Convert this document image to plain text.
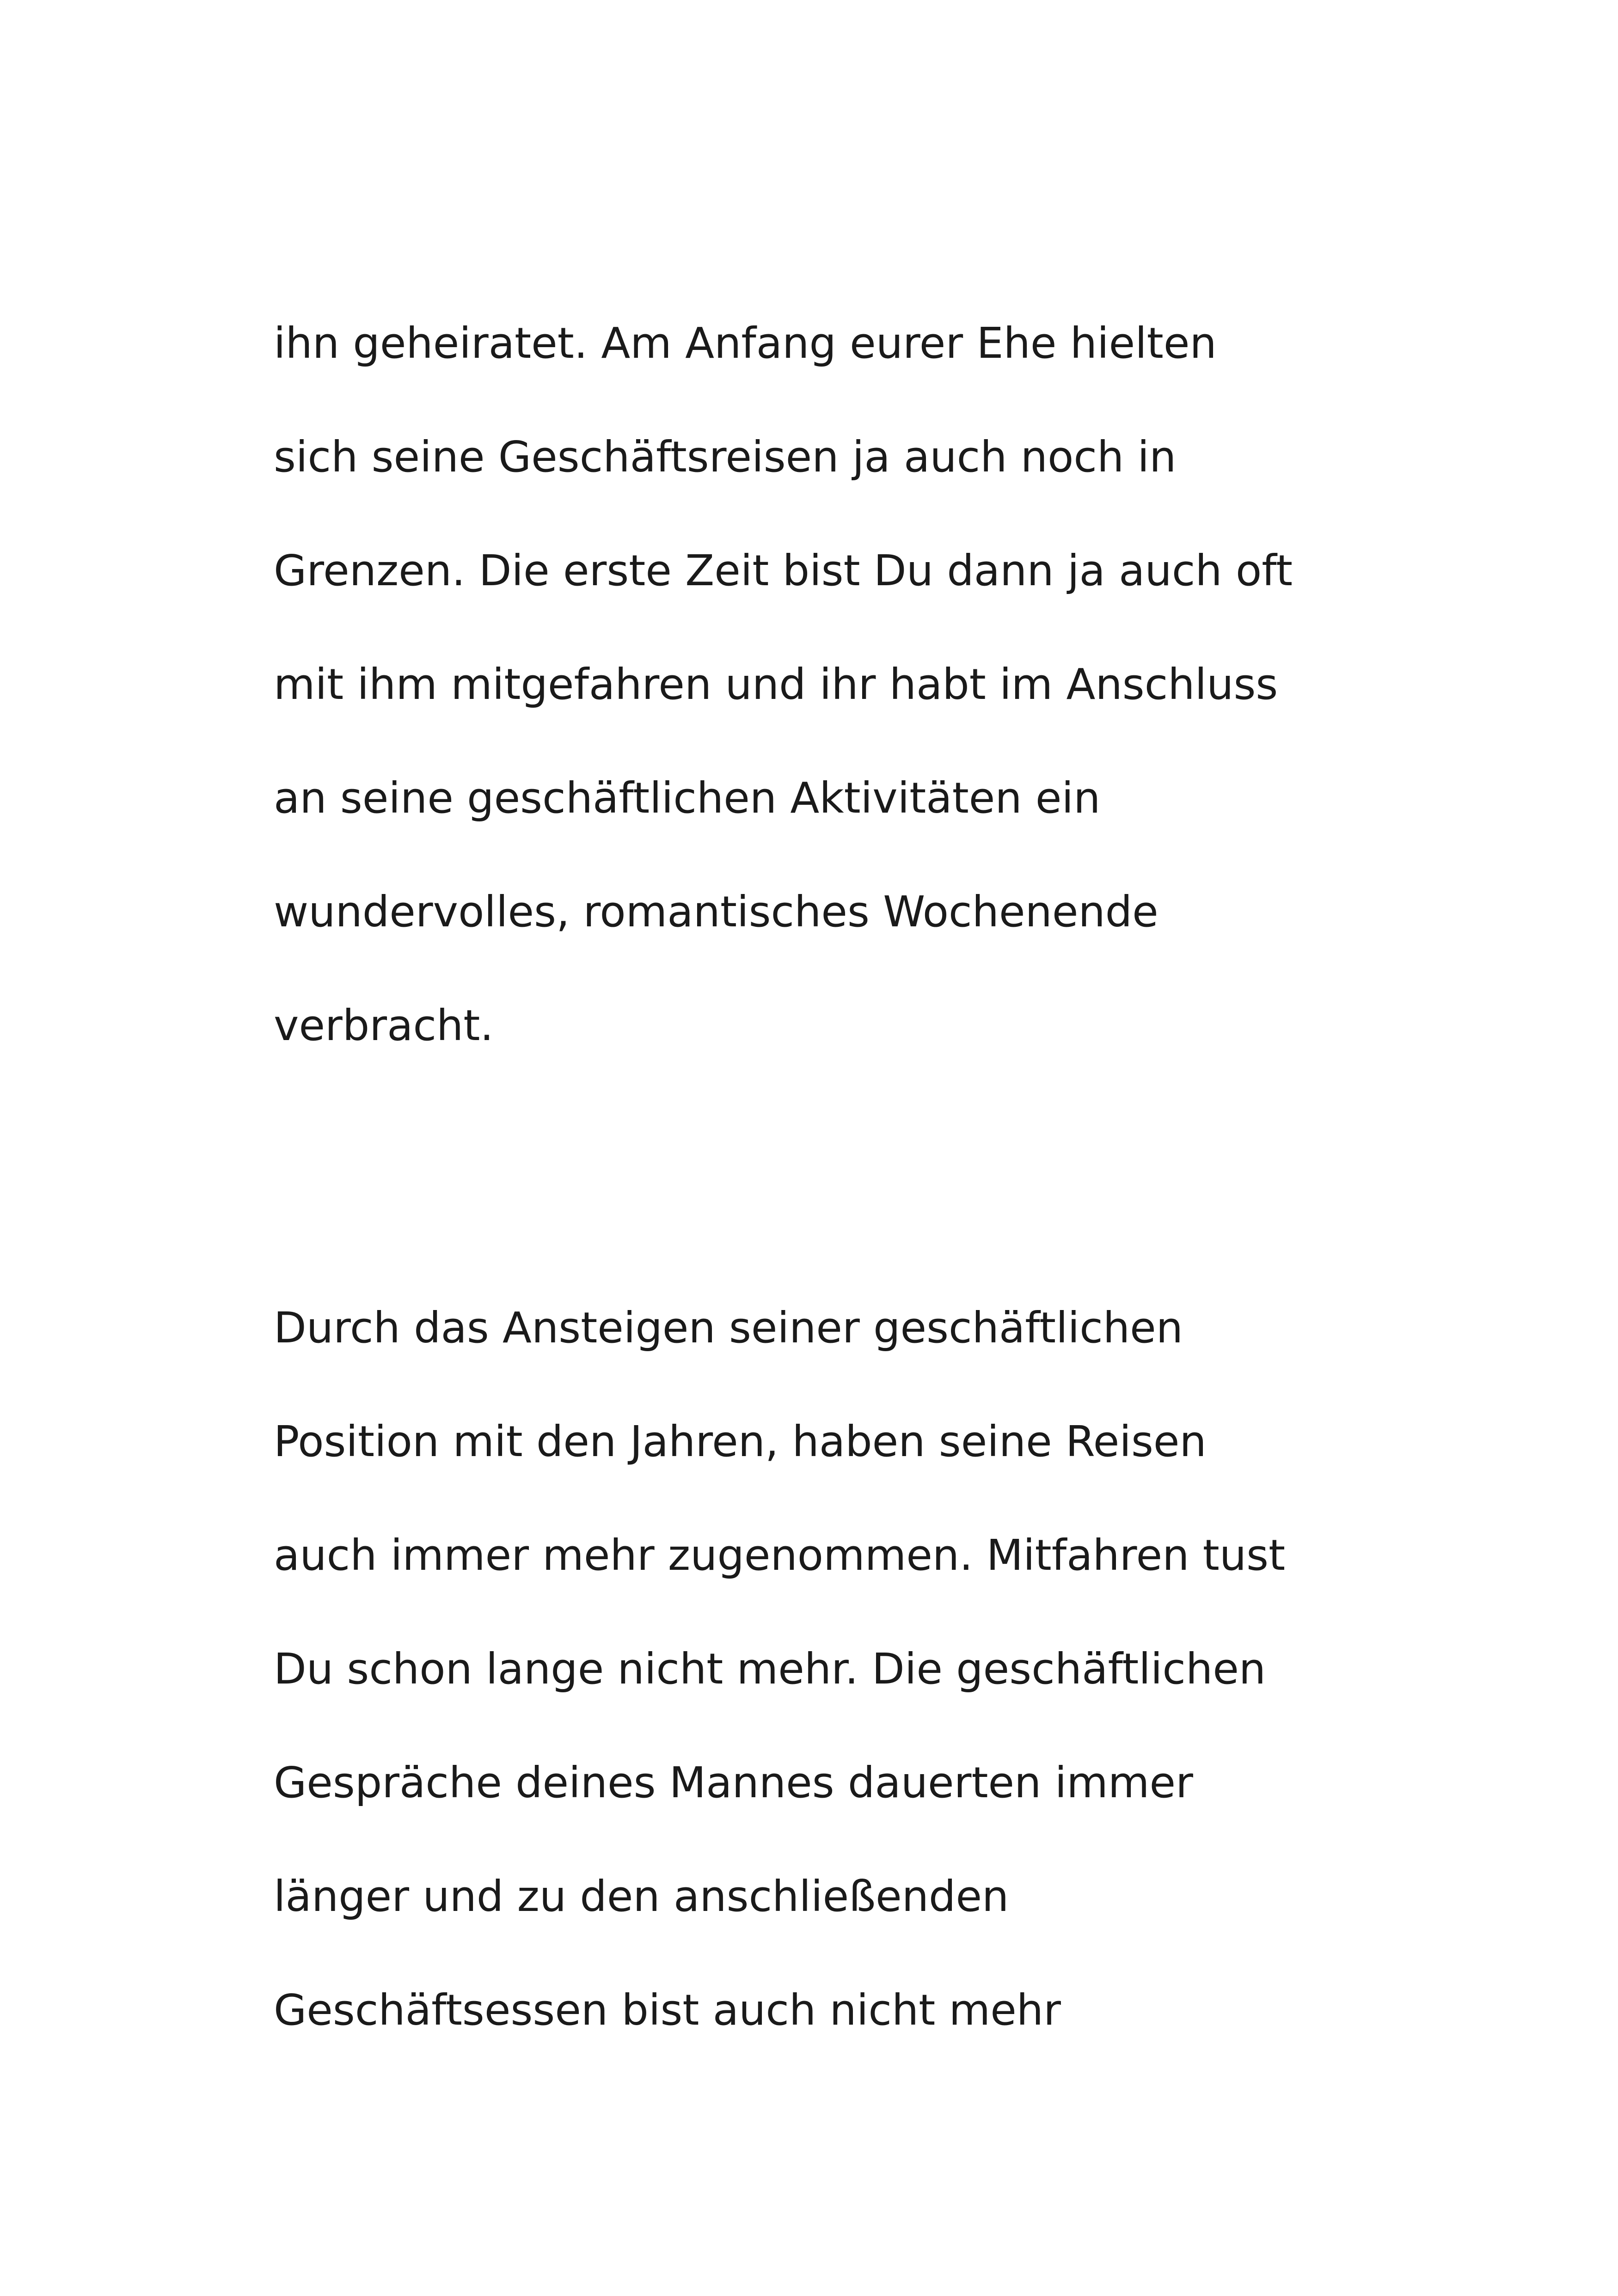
ihn geheiratet. Am Anfang eurer Ehe hielten
sich seine Geschäftsreisen ja auch noch in
Grenzen. Die erste Zeit bist Du dann ja auch oft
mit ihm mitgefahren und ihr habt im Anschluss
an seine geschäftlichen Aktivitäten ein
wundervolles, romantisches Wochenende
verbracht.

Durch das Ansteigen seiner geschäftlichen
Position mit den Jahren, haben seine Reisen
auch immer mehr zugenommen. Mitfahren tust
Du schon lange nicht mehr. Die geschäftlichen
Gespräche deines Mannes dauerten immer
länger und zu den anschließenden
Geschäftsessen bist auch nicht mehr
